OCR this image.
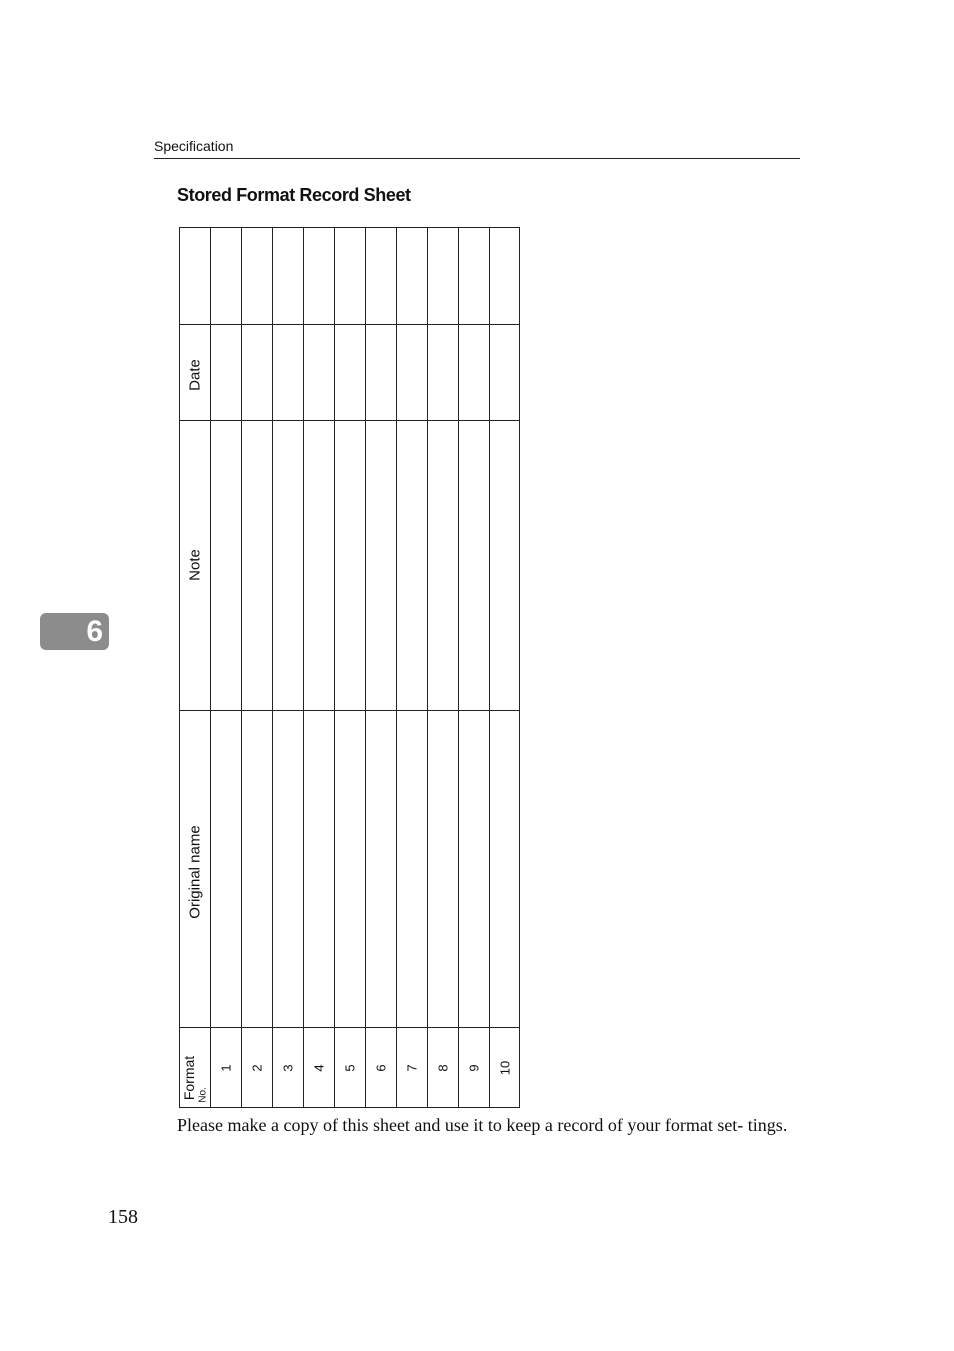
Specification
Stored Format Record Sheet
6
Note
Date
Original name
Format No.
1 2 3 4 5 6 7 8 9 10
Please make a copy of this sheet and use it to keep a record of your format set- tings.
158
